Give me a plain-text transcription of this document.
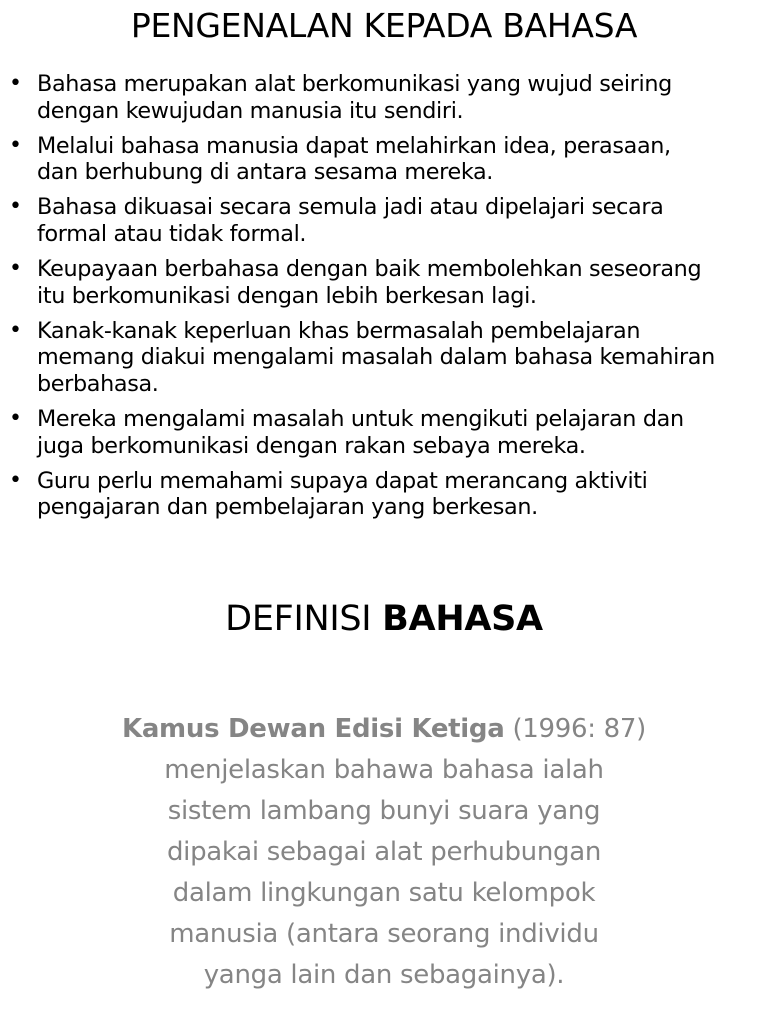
PENGENALAN KEPADA BAHASA
• Bahasa merupakan alat berkomunikasi yang wujud seiring
dengan kewujudan manusia itu sendiri.
• Melalui bahasa manusia dapat melahirkan idea, perasaan,
dan berhubung di antara sesama mereka.
• Bahasa dikuasai secara semula jadi atau dipelajari secara
formal atau tidak formal.
• Keupayaan berbahasa dengan baik membolehkan seseorang
itu berkomunikasi dengan lebih berkesan lagi.
• Kanak-kanak keperluan khas bermasalah pembelajaran
memang diakui mengalami masalah dalam bahasa kemahiran
berbahasa.
• Mereka mengalami masalah untuk mengikuti pelajaran dan
juga berkomunikasi dengan rakan sebaya mereka.
• Guru perlu memahami supaya dapat merancang aktiviti
pengajaran dan pembelajaran yang berkesan.
DEFINISI BAHASA

Kamus Dewan Edisi Ketiga (1996: 87)
menjelaskan bahawa bahasa ialah
sistem lambang bunyi suara yang
dipakai sebagai alat perhubungan
dalam lingkungan satu kelompok
manusia (antara seorang individu
yanga lain dan sebagainya).
